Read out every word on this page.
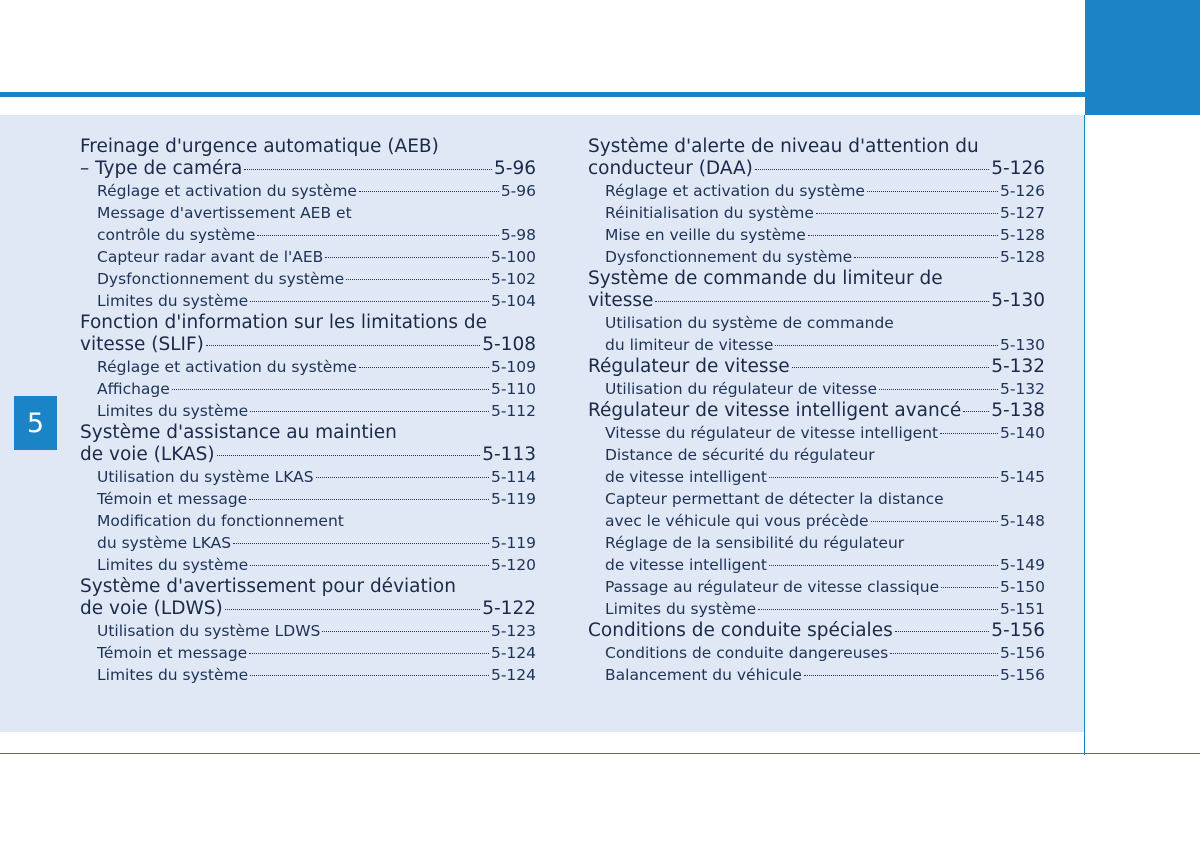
5
Freinage d'urgence automatique (AEB)
– Type de caméra	5-96
Réglage et activation du système	5-96
Message d'avertissement AEB et
contrôle du système	5-98
Capteur radar avant de l'AEB	5-100
Dysfonctionnement du système	5-102
Limites du système	5-104
Fonction d'information sur les limitations de
vitesse (SLIF)	5-108
Réglage et activation du système	5-109
Affichage	5-110
Limites du système	5-112
Système d'assistance au maintien
de voie (LKAS)	5-113
Utilisation du système LKAS	5-114
Témoin et message	5-119
Modification du fonctionnement
du système LKAS	5-119
Limites du système	5-120
Système d'avertissement pour déviation
de voie (LDWS)	5-122
Utilisation du système LDWS	5-123
Témoin et message	5-124
Limites du système	5-124
Système d'alerte de niveau d'attention du
conducteur (DAA)	5-126
Réglage et activation du système	5-126
Réinitialisation du système	5-127
Mise en veille du système	5-128
Dysfonctionnement du système	5-128
Système de commande du limiteur de
vitesse	5-130
Utilisation du système de commande
du limiteur de vitesse	5-130
Régulateur de vitesse	5-132
Utilisation du régulateur de vitesse	5-132
Régulateur de vitesse intelligent avancé 5-138
Vitesse du régulateur de vitesse intelligent	5-140
Distance de sécurité du régulateur
de vitesse intelligent	5-145
Capteur permettant de détecter la distance
avec le véhicule qui vous précède	5-148
Réglage de la sensibilité du régulateur
de vitesse intelligent	5-149
Passage au régulateur de vitesse classique	5-150
Limites du système	5-151
Conditions de conduite spéciales	5-156
Conditions de conduite dangereuses	5-156
Balancement du véhicule	5-156
